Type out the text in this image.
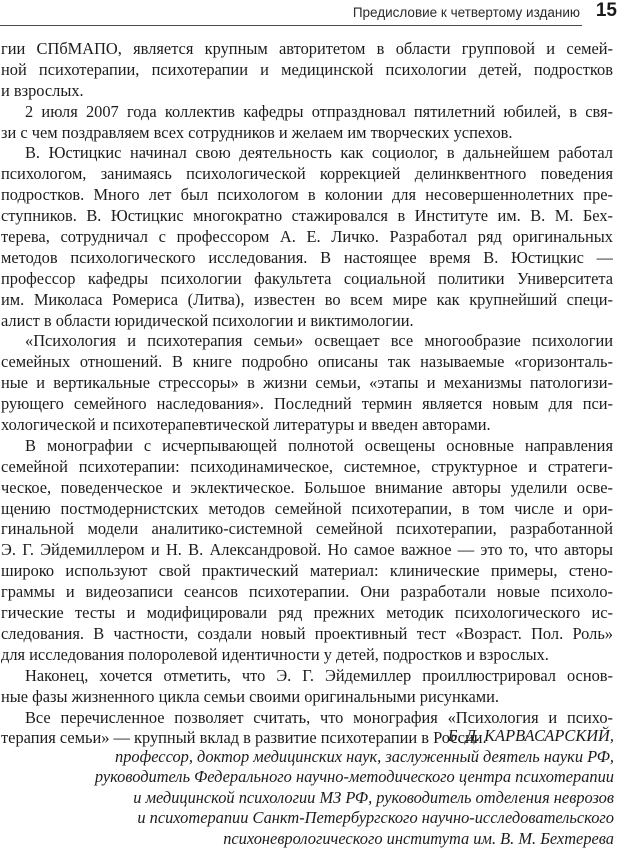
Предисловие к четвертому изданию 15
гии СПбМАПО, является крупным авторитетом в области групповой и семей-
ной психотерапии, психотерапии и медицинской психологии детей, подростков
и взрослых.
2 июля 2007 года коллектив кафедры отпраздновал пятилетний юбилей, в свя-
зи с чем поздравляем всех сотрудников и желаем им творческих успехов.
В. Юстицкис начинал свою деятельность как социолог, в дальнейшем работал
психологом, занимаясь психологической коррекцией делинквентного поведения
подростков. Много лет был психологом в колонии для несовершеннолетних пре-
ступников. В. Юстицкис многократно стажировался в Институте им. В. М. Бех-
терева, сотрудничал с профессором А. Е. Личко. Разработал ряд оригинальных
методов психологического исследования. В настоящее время В. Юстицкис —
профессор кафедры психологии факультета социальной политики Университета
им. Миколаса Ромериса (Литва), известен во всем мире как крупнейший специ-
алист в области юридической психологии и виктимологии.
«Психология и психотерапия семьи» освещает все многообразие психологии
семейных отношений. В книге подробно описаны так называемые «горизонталь-
ные и вертикальные стрессоры» в жизни семьи, «этапы и механизмы патологизи-
рующего семейного наследования». Последний термин является новым для пси-
хологической и психотерапевтической литературы и введен авторами.
В монографии с исчерпывающей полнотой освещены основные направления
семейной психотерапии: психодинамическое, системное, структурное и стратеги-
ческое, поведенческое и эклектическое. Большое внимание авторы уделили осве-
щению постмодернистских методов семейной психотерапии, в том числе и ори-
гинальной модели аналитико-системной семейной психотерапии, разработанной
Э. Г. Эйдемиллером и Н. В. Александровой. Но самое важное — это то, что авторы
широко используют свой практический материал: клинические примеры, стено-
граммы и видеозаписи сеансов психотерапии. Они разработали новые психоло-
гические тесты и модифицировали ряд прежних методик психологического ис-
следования. В частности, создали новый проективный тест «Возраст. Пол. Роль»
для исследования полоролевой идентичности у детей, подростков и взрослых.
Наконец, хочется отметить, что Э. Г. Эйдемиллер проиллюстрировал основ-
ные фазы жизненного цикла семьи своими оригинальными рисунками.
Все перечисленное позволяет считать, что монография «Психология и психо-
терапия семьи» — крупный вклад в развитие психотерапии в России.
Б. Д. КАРВАСАРСКИЙ,
профессор, доктор медицинских наук, заслуженный деятель науки РФ,
руководитель Федерального научно-методического центра психотерапии
и медицинской психологии МЗ РФ, руководитель отделения неврозов
и психотерапии Санкт-Петербургского научно-исследовательского
психоневрологического института им. В. М. Бехтерева
